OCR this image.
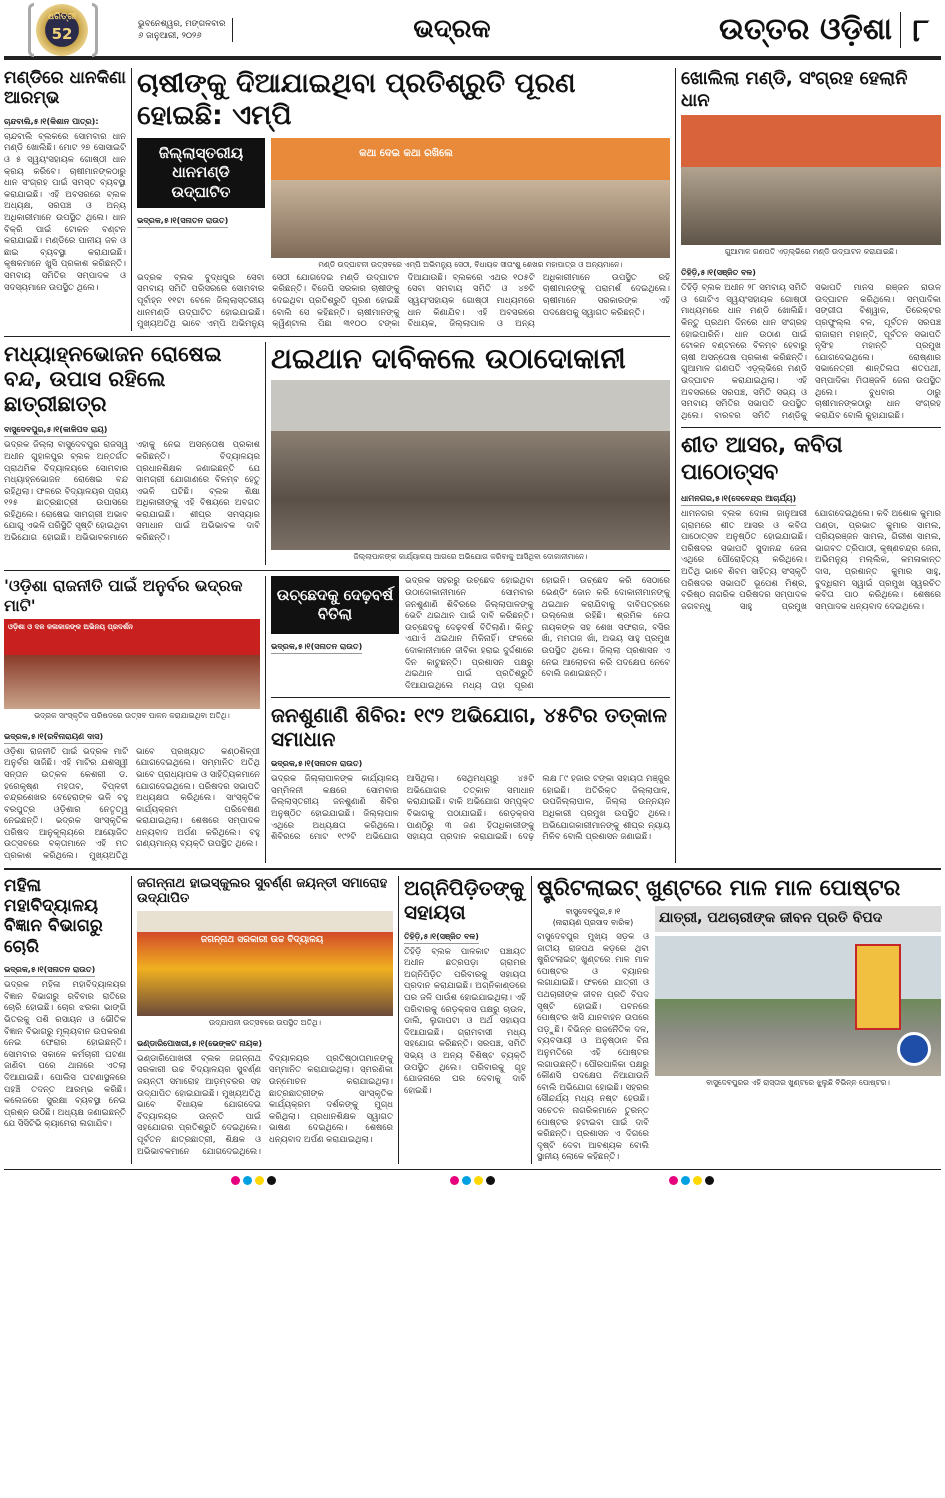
ଧରିତ୍ରୀ
52
ଭୁବନେଶ୍ୱର, ମଙ୍ଗଳବାର
୬ ଜାନୁଆରୀ, ୨୦୨୬	ଭଦ୍ରକ	ଉତ୍ତର ଓଡ଼ିଶା ୮
ମଣ୍ଡିରେ ଧାନକିଣା ଆରମ୍ଭ
ଚାନ୍ଦବାଲି,୫।୧(କିଶାନ ପାତ୍ର):
ଚାନ୍ଦବାଲି ବ୍ଲକରେ ସୋମବାର ଧାନ ମଣ୍ଡି ଖୋଲିଛି। ମୋଟ ୨୭ ସୋସାଇଟି ଓ ୫ ସ୍ୱୟଂସହାୟକ ଗୋଷ୍ଠୀ ଧାନ କ୍ରୟ କରିବେ। ଚାଷୀମାନଙ୍କଠାରୁ ଧାନ ସଂଗ୍ରହ ପାଇଁ ସମସ୍ତ ବ୍ୟବସ୍ଥା କରାଯାଇଛି। ଏହି ଅବସରରେ ବ୍ଲକ ଅଧ୍ୟକ୍ଷ, ସରପଞ୍ଚ ଓ ଅନ୍ୟ ଅଧିକାରୀମାନେ ଉପସ୍ଥିତ ଥିଲେ। ଧାନ ବିକ୍ରି ପାଇଁ ଟୋକନ ବଣ୍ଟନ କରାଯାଇଛି। ମଣ୍ଡିରେ ପାନୀୟ ଜଳ ଓ ଛାଇ ବ୍ୟବସ୍ଥା କରାଯାଇଛି। କୃଷକମାନେ ଖୁସି ପ୍ରକାଶ କରିଛନ୍ତି। ସମବାୟ ସମିତିର ସମ୍ପାଦକ ଓ ସଦସ୍ୟମାନେ ଉପସ୍ଥିତ ଥିଲେ।
ଚାଷୀଙ୍କୁ ଦିଆଯାଇଥିବା ପ୍ରତିଶ୍ରୁତି ପୂରଣ ହୋଇଛି: ଏମ୍‌ପି
ଜିଲ୍ଲାସ୍ତରୀୟ ଧାନମଣ୍ଡି ଉଦ୍‌ଘାଟିତ
ଭଦ୍ରକ,୫।୧(ସନାତନ ରାଉତ)
କଥା ଦେଇ କଥା ରଖିଲେ
ମଣ୍ଡି ଉଦ୍‌ଘାଟନୀ ଉତ୍ସବରେ ଏମ୍‌ପି ଅଭିମନ୍ୟୁ ସେଠୀ, ବିଧାୟକ ସୀତାଂଶୁ ଶେଖର ମହାପାତ୍ର ଓ ଅନ୍ୟମାନେ।
ଭଦ୍ରକ ବ୍ଲକ ବୁଦ୍ଧପୁର ସେବା ସମବାୟ ସମିତି ପରିସରରେ ସୋମବାର ପୂର୍ବାହ୍ନ ୧୧ଟା ବେଳେ ଜିଲ୍ଲାସ୍ତରୀୟ ଧାନମଣ୍ଡି ଉଦ୍‌ଘାଟିତ ହୋଇଯାଇଛି। ମୁଖ୍ୟଅତିଥି ଭାବେ ଏମ୍‌ପି ଅଭିମନ୍ୟୁ ସେଠୀ ଯୋଗଦେଇ ମଣ୍ଡି ଉଦ୍‌ଘାଟନ କରିଛନ୍ତି। ବିଜେପି ସରକାର ଚାଷୀଙ୍କୁ ଦେଇଥିବା ପ୍ରତିଶ୍ରୁତି ପୂରଣ ହୋଇଛି ବୋଲି ସେ କହିଛନ୍ତି। ଚାଷୀମାନଙ୍କୁ କ୍ୱିଣ୍ଟାଲ ପିଛା ୩୧୦୦ ଟଙ୍କା ଦିଆଯାଉଛି। ବ୍ଲକରେ ଏଥର ୧୦୫ଟି ସେବା ସମବାୟ ସମିତି ଓ ୪୭ଟି ସ୍ୱୟଂସହାୟକ ଗୋଷ୍ଠୀ ମାଧ୍ୟମରେ ଧାନ କିଣାଯିବ। ଏହି ଅବସରରେ ବିଧାୟକ, ଜିଲ୍ଲାପାଳ ଓ ଅନ୍ୟ ଅଧିକାରୀମାନେ ଉପସ୍ଥିତ ରହି ଚାଷୀମାନଙ୍କୁ ପରାମର୍ଶ ଦେଇଥିଲେ। ଚାଷୀମାନେ ସରକାରଙ୍କ ଏହି ପଦକ୍ଷେପକୁ ସ୍ୱାଗତ କରିଛନ୍ତି।
ମଧ୍ୟାହ୍ନଭୋଜନ ରୋଷେଇ ବନ୍ଦ, ଉପାସ ରହିଲେ ଛାତ୍ରୀଛାତ୍ର
ବାସୁଦେବପୁର,୫।୧(କାଳିପଦ ରାୟ)
ଭଦ୍ରକ ଜିଲ୍ଲା ବାସୁଦେବପୁର ରାଜସ୍ୱ ଅଧୀନ ଗୁହାଳପୁର ବ୍ଲକ ଅନ୍ତର୍ଗତ ପ୍ରାଥମିକ ବିଦ୍ୟାଳୟରେ ସୋମବାର ମଧ୍ୟାହ୍ନଭୋଜନ ରୋଷେଇ ବନ୍ଦ ରହିଥିଲା। ଫଳରେ ବିଦ୍ୟାଳୟର ପ୍ରାୟ ୧୨୫ ଛାତ୍ରଛାତ୍ରୀ ଉପାସରେ ରହିଥିଲେ। ରୋଷେଇ ସାମଗ୍ରୀ ଅଭାବ ଯୋଗୁ ଏଭଳି ପରିସ୍ଥିତି ସୃଷ୍ଟି ହୋଇଥିବା ଅଭିଯୋଗ ହୋଇଛି। ଅଭିଭାବକମାନେ ଏହାକୁ ନେଇ ଅସନ୍ତୋଷ ପ୍ରକାଶ କରିଛନ୍ତି। ବିଦ୍ୟାଳୟର ପ୍ରଧାନଶିକ୍ଷକ ଜଣାଇଛନ୍ତି ଯେ ସାମଗ୍ରୀ ଯୋଗାଣରେ ବିଳମ୍ବ ହେତୁ ଏଭଳି ଘଟିଛି। ବ୍ଲକ ଶିକ୍ଷା ଅଧିକାରୀଙ୍କୁ ଏହି ବିଷୟରେ ଅବଗତ କରାଯାଇଛି। ଶୀଘ୍ର ସମସ୍ୟାର ସମାଧାନ ପାଇଁ ଅଭିଭାବକ ଦାବି କରିଛନ୍ତି।
ଥଇଥାନ ଦାବିକଲେ ଉଠାଦୋକାନୀ
ଜିଲ୍ଲାପାଳଙ୍କ କାର୍ଯ୍ୟାଳୟ ଆଗରେ ଅଭିଯୋଗ କରିବାକୁ ଆସିଥିବା ଦୋକାନୀମାନେ।
'ଓଡ଼ିଶା ରାଜନୀତି ପାଇଁ ଅନୁର୍ବର ଭଦ୍ରକ ମାଟି'
ଓଡ଼ିଶା ଓ ଦଳ କଳାକାରଙ୍କ ଅଭିନୟ ପ୍ରଦର୍ଶନ
ଭଦ୍ରକ ସାଂସ୍କୃତିକ ପରିଷଦରେ ଉତ୍ସବ ପାଳନ କରାଯାଇଥିବା ଅତିଥି।
ଭଦ୍ରକ,୫।୧(ରବିନାରାୟଣ ଦାସ)
ଓଡ଼ିଶା ରାଜନୀତି ପାଇଁ ଭଦ୍ରକ ମାଟି ଅନୁର୍ବର ସାଜିଛି। ଏହି ମାଟିର ଯଶସ୍ୱୀ ସନ୍ତାନ ଉତ୍କଳ କେଶରୀ ଡ. ହରେକୃଷ୍ଣ ମହତାବ, ବିପ୍ଳବୀ ଚନ୍ଦ୍ରଶେଖର ବେହେରାଙ୍କ ଭଳି ବହୁ ବରପୁତ୍ର ଓଡ଼ିଶାର ନେତୃତ୍ୱ ନେଇଛନ୍ତି। ଭଦ୍ରକ ସାଂସ୍କୃତିକ ପରିଷଦ ଆନୁକୂଲ୍ୟରେ ଆୟୋଜିତ ଉତ୍ସବରେ ବକ୍ତାମାନେ ଏହି ମତ ପ୍ରକାଶ କରିଥିଲେ। ମୁଖ୍ୟଅତିଥି ଭାବେ ପ୍ରଖ୍ୟାତ କଣ୍ଠଶିଳ୍ପୀ ଯୋଗଦେଇଥିଲେ। ସମ୍ମାନିତ ଅତିଥି ଭାବେ ପ୍ରାଧ୍ୟାପକ ଓ ସାହିତ୍ୟିକମାନେ ଯୋଗଦେଇଥିଲେ। ପରିଷଦର ସଭାପତି ଅଧ୍ୟକ୍ଷତା କରିଥିଲେ। ସାଂସ୍କୃତିକ କାର୍ଯ୍ୟକ୍ରମ ପରିବେଷଣ କରାଯାଇଥିଲା। ଶେଷରେ ସମ୍ପାଦକ ଧନ୍ୟବାଦ ଅର୍ପଣ କରିଥିଲେ। ବହୁ ଗଣ୍ୟମାନ୍ୟ ବ୍ୟକ୍ତି ଉପସ୍ଥିତ ଥିଲେ।
ଉଚ୍ଛେଦକୁ ଦେଢ଼ବର୍ଷ ବିତିଲା
ଭଦ୍ରକ,୫।୧(ସନାତନ ରାଉତ)
ଭଦ୍ରକ ସହରରୁ ଉଚ୍ଛେଦ ହୋଇଥିବା ଉଠାଦୋକାନୀମାନେ ସୋମବାର ଜନଶୁଣାଣି ଶିବିରରେ ଜିଲ୍ଲାପାଳଙ୍କୁ ଭେଟି ଥଇଥାନ ପାଇଁ ଦାବି କରିଛନ୍ତି। ଉଚ୍ଛେଦକୁ ଦେଢ଼ବର୍ଷ ବିତିଲାଣି। କିନ୍ତୁ ଏଯାଏଁ ଥଇଥାନ ମିଳିନାହିଁ। ଫଳରେ ଦୋକାନୀମାନେ ଜୀବିକା ହରାଇ ଦୁର୍ଦ୍ଦଶାରେ ଦିନ କାଟୁଛନ୍ତି। ପ୍ରଶାସନ ପକ୍ଷରୁ ଥଇଥାନ ପାଇଁ ପ୍ରତିଶ୍ରୁତି ଦିଆଯାଇଥିଲେ ମଧ୍ୟ ତାହା ପୂରଣ ହୋଇନି। ଉଚ୍ଛେଦ କରି ସେଠାରେ ଭେଣ୍ଡିଂ ଜୋନ କରି ଦୋକାନୀମାନଙ୍କୁ ଥଇଥାନ କରାଯିବାକୁ ଦାବିପତ୍ରରେ ଉଲ୍ଲେଖ ରହିଛି। ଶ୍ରମିକ ନେତା ନାୟକଙ୍କ ସହ ଶେଖ ସଫରାଜ, ବସିର ଖାଁ, ମମତାଜ ଖାଁ, ଅଭୟ ସାହୁ ପ୍ରମୁଖ ଉପସ୍ଥିତ ଥିଲେ। ଜିଲ୍ଲା ପ୍ରଶାସନ ଏ ନେଇ ଆଲୋଚନା କରି ପଦକ୍ଷେପ ନେବେ ବୋଲି ଜଣାଇଛନ୍ତି।
ଜନଶୁଣାଣି ଶିବିର: ୧୯୨ ଅଭିଯୋଗ, ୪୫ଟିର ତତ୍କାଳ ସମାଧାନ
ଭଦ୍ରକ,୫।୧(ସନାତନ ରାଉତ)
ଭଦ୍ରକ ଜିଲ୍ଲାପାଳଙ୍କ କାର୍ଯ୍ୟାଳୟ ସମ୍ମିଳନୀ କକ୍ଷରେ ସୋମବାର ଜିଲ୍ଲାସ୍ତରୀୟ ଜନଶୁଣାଣି ଶିବିର ଅନୁଷ୍ଠିତ ହୋଇଯାଇଛି। ଜିଲ୍ଲାପାଳ ଏଥିରେ ଅଧ୍ୟକ୍ଷତା କରିଥିଲେ। ଶିବିରରେ ମୋଟ ୧୯୨ଟି ଅଭିଯୋଗ ଆସିଥିଲା। ସେଥିମଧ୍ୟରୁ ୪୫ଟି ଅଭିଯୋଗର ତତ୍କାଳ ସମାଧାନ କରାଯାଇଛି। ବାକି ଅଭିଯୋଗ ସମ୍ପୃକ୍ତ ବିଭାଗକୁ ପଠାଯାଇଛି। ରେଡ଼କ୍ରସ ପାଣ୍ଠିରୁ ୩ ଜଣ ହିତାଧିକାରୀଙ୍କୁ ସହାୟତା ପ୍ରଦାନ କରାଯାଇଛି। ଦେଢ଼ ଲକ୍ଷ ୮୯ ହଜାର ଟଙ୍କା ସହାୟତା ମଞ୍ଜୁର ହୋଇଛି। ଅତିରିକ୍ତ ଜିଲ୍ଲାପାଳ, ଉପଜିଲ୍ଲାପାଳ, ଜିଲ୍ଲା ଉନ୍ନୟନ ଅଧିକାରୀ ପ୍ରମୁଖ ଉପସ୍ଥିତ ଥିଲେ। ଅଭିଯୋଗକାରୀମାନଙ୍କୁ ଶୀଘ୍ର ନ୍ୟାୟ ମିଳିବ ବୋଲି ପ୍ରଶାସନ ଜଣାଇଛି।
ଖୋଲିଲା ମଣ୍ଡି, ସଂଗ୍ରହ ହେଲାନି ଧାନ
ଗୁଆମାଳ ଗଣପତି ଏଡ଼୍‌ଲ୍‌ଭିରେ ମଣ୍ଡି ଉଦ୍‌ଘାଟନ କରାଯାଇଛି।
ତିହିଡ଼ି,୫।୧(ସଞ୍ଜିତ ବଳ)
ତିହିଡ଼ି ବ୍ଲକ ଅଧୀନ ୨୮ ସମବାୟ ସମିତି ଓ ଗୋଟିଏ ସ୍ୱୟଂସହାୟକ ଗୋଷ୍ଠୀ ମାଧ୍ୟମରେ ଧାନ ମଣ୍ଡି ଖୋଲିଛି। କିନ୍ତୁ ପ୍ରଥମ ଦିନରେ ଧାନ ସଂଗ୍ରହ ହୋଇପାରିନି। ଧାନ ଉଠାଣ ପାଇଁ ଟୋକନ ବଣ୍ଟନରେ ବିଳମ୍ବ ହେବାରୁ ଚାଷୀ ଅସନ୍ତୋଷ ପ୍ରକାଶ କରିଛନ୍ତି। ଗୁଆମାଳ ଗଣପତି ଏଡ଼୍‌ଲ୍‌ଭିରେ ମଣ୍ଡି ଉଦ୍‌ଘାଟନ କରାଯାଇଥିଲା। ଏହି ଅବସରରେ ସରପଞ୍ଚ, ସମିତି ସଭ୍ୟ ଓ ସମବାୟ ସମିତିର ସଭାପତି ଉପସ୍ଥିତ ଥିଲେ। ବାରବର ସମିତି ମଣ୍ଡିକୁ ସଭାପତି ମାନସ ରଞ୍ଜନ ରାଉଳ ଉଦ୍‌ଘାଟନ କରିଥିଲେ। ସମ୍ପାଦିକା ସଙ୍ଗୀତା ବିଶ୍ୱାଳ, ଡିରେକ୍ଟର ପ୍ରଫୁଲ୍ଲ ବଳ, ପୂର୍ବତନ ସରପଞ୍ଚ ରାଜାରାମ ମହାନ୍ତି, ପୂର୍ବତନ ସଭାପତି ନୃସିଂହ ମହାନ୍ତି ପ୍ରମୁଖ ଯୋଗଦେଇଥିଲେ। ରୋଷ୍ଣାର ସଭାନେତ୍ରୀ ଶାନ୍ତିଲତା ଶତପଥୀ, ସମ୍ପାଦିକା ମିତାଞ୍ଜଳି ଜେନା ଉପସ୍ଥିତ ଥିଲେ। ବୁଧବାର ଠାରୁ ଚାଷୀମାନଙ୍କଠାରୁ ଧାନ ସଂଗ୍ରହ କରାଯିବ ବୋଲି କୁହାଯାଇଛି।
ଶୀତ ଆସର, କବିତା ପାଠୋତ୍ସବ
ଧାମନଗର,୫।୧(ଦେବେନ୍ଦ୍ର ଆଚାର୍ଯ୍ୟ)
ଧାମନଗର ବ୍ଲକ ଦୋଳା ଜାନୁଆରୀ ଗ୍ରାମରେ ଶୀତ ଆସର ଓ କବିତା ପାଠୋତ୍ସବ ଅନୁଷ୍ଠିତ ହୋଇଯାଇଛି। ପରିଷଦର ସଭାପତି ସୁଦାନନ୍ଦ ଜେନା ଏଥିରେ ପୌରୋହିତ୍ୟ କରିଥିଲେ। ଅତିଥି ଭାବେ ଶିବମ ସାହିତ୍ୟ ସଂସ୍କୃତି ପରିଷଦର ସଭାପତି ଭୂପେଶ ମିଶ୍ର, ବରିଷ୍ଠ ନାଗରିକ ପରିଷଦର ସମ୍ପାଦକ ଜଗବନ୍ଧୁ ସାହୁ ପ୍ରମୁଖ ଯୋଗଦେଇଥିଲେ। କବି ଅଶୋକ କୁମାର ପଣ୍ଡା, ପ୍ରଭାତ କୁମାର ସାମଲ, ପ୍ରିୟରଞ୍ଜନ ସାମଲ, ଗିରୀଶ ସାମଲ, ଭାଗବତ ତ୍ରିପାଠୀ, କୃଷ୍ଣଚନ୍ଦ୍ର ଜେନା, ଅଭିମନ୍ୟୁ ମଲ୍ଲିକ, କମଳାକାନ୍ତ ଦାସ, ପ୍ରଶାନ୍ତ କୁମାର ସାହୁ, ବୁଦ୍ଧିରାମ ସ୍ୱାଇଁ ପ୍ରମୁଖ ସ୍ୱରଚିତ କବିତା ପାଠ କରିଥିଲେ। ଶେଷରେ ସମ୍ପାଦକ ଧନ୍ୟବାଦ ଦେଇଥିଲେ।
ମହିଳା ମହାବିଦ୍ୟାଳୟ ବିଜ୍ଞାନ ବିଭାଗରୁ ଚୋରି
ଭଦ୍ରକ,୫।୧(ସନାତନ ରାଉତ)
ଭଦ୍ରକ ମହିଳା ମହାବିଦ୍ୟାଳୟର ବିଜ୍ଞାନ ବିଭାଗରୁ ରବିବାର ରାତିରେ ଚୋରି ହୋଇଛି। ଚୋର ଝରକା ଭାଙ୍ଗି ଭିତରକୁ ପଶି ରସାୟନ ଓ ଭୌତିକ ବିଜ୍ଞାନ ବିଭାଗରୁ ମୂଲ୍ୟବାନ ଉପକରଣ ନେଇ ଫେରାର ହୋଇଛନ୍ତି। ସୋମବାର ସକାଳେ କର୍ମଚାରୀ ଘଟଣା ଜାଣିବା ପରେ ଥାନାରେ ଏତଲା ଦିଆଯାଇଛି। ପୋଲିସ ଘଟଣାସ୍ଥଳରେ ପହଞ୍ଚି ତଦନ୍ତ ଆରମ୍ଭ କରିଛି। କଲେଜରେ ସୁରକ୍ଷା ବ୍ୟବସ୍ଥା ନେଇ ପ୍ରଶ୍ନ ଉଠିଛି। ଅଧ୍ୟକ୍ଷ ଜଣାଇଛନ୍ତି ଯେ ସିସିଟିଭି କ୍ୟାମେରା ଲଗାଯିବ।
ଜଗନ୍ନାଥ ହାଇସ୍କୁଲର ସୁବର୍ଣ୍ଣ ଜୟନ୍ତୀ ସମାରୋହ ଉଦ୍‌ଯାପିତ
ଜଗନ୍ନାଥ ସରକାରୀ ଉଚ୍ଚ ବିଦ୍ୟାଳୟ
ଉଦ୍‌ଯାପନୀ ଉତ୍ସବରେ ଉପସ୍ଥିତ ଅତିଥି।
ଭଣ୍ଡାରିପୋଖରୀ,୫।୧(ଭେଙ୍କଟ ନାୟକ)
ଭଣ୍ଡାରିପୋଖରୀ ବ୍ଲକ ଜଗନ୍ନାଥ ସରକାରୀ ଉଚ୍ଚ ବିଦ୍ୟାଳୟର ସୁବର୍ଣ୍ଣ ଜୟନ୍ତୀ ସମାରୋହ ଆଡ଼ମ୍ବରର ସହ ଉଦ୍‌ଯାପିତ ହୋଇଯାଇଛି। ମୁଖ୍ୟଅତିଥି ଭାବେ ବିଧାୟକ ଯୋଗଦେଇ ବିଦ୍ୟାଳୟର ଉନ୍ନତି ପାଇଁ ସହଯୋଗର ପ୍ରତିଶ୍ରୁତି ଦେଇଥିଲେ। ପୂର୍ବତନ ଛାତ୍ରଛାତ୍ରୀ, ଶିକ୍ଷକ ଓ ଅଭିଭାବକମାନେ ଯୋଗଦେଇଥିଲେ। ବିଦ୍ୟାଳୟର ପ୍ରତିଷ୍ଠାତାମାନଙ୍କୁ ସମ୍ମାନିତ କରାଯାଇଥିଲା। ସ୍ମରଣିକା ଉନ୍ମୋଚନ କରାଯାଇଥିଲା। ଛାତ୍ରଛାତ୍ରୀଙ୍କ ସାଂସ୍କୃତିକ କାର୍ଯ୍ୟକ୍ରମ ଦର୍ଶକଙ୍କୁ ମୁଗ୍ଧ କରିଥିଲା। ପ୍ରଧାନଶିକ୍ଷକ ସ୍ୱାଗତ ଭାଷଣ ଦେଇଥିଲେ। ଶେଷରେ ଧନ୍ୟବାଦ ଅର୍ପଣ କରାଯାଇଥିଲା।
ଅଗ୍ନିପିଡ଼ିତଙ୍କୁ ସହାୟତା
ତିହିଡ଼ି,୫।୧(ସଞ୍ଜିତ ବଳ)
ତିହିଡ଼ି ବ୍ଲକ ପାଳକାଟ ପଞ୍ଚାୟତ ଅଧୀନ ଛତ୍ରପଡ଼ା ଗ୍ରାମର ଅଗ୍ନିପିଡ଼ିତ ପରିବାରକୁ ସହାୟତା ପ୍ରଦାନ କରାଯାଇଛି। ଅଗ୍ନିକାଣ୍ଡରେ ଘର ଜଳି ପାଉଁଶ ହୋଇଯାଇଥିଲା। ଏହି ପରିବାରକୁ ରେଡ଼କ୍ରସ ପକ୍ଷରୁ ଚାଉଳ, ଡାଲି, ଲୁଗାପଟା ଓ ଅର୍ଥ ସହାୟତା ଦିଆଯାଇଛି। ଗ୍ରାମବାସୀ ମଧ୍ୟ ସହଯୋଗ କରିଛନ୍ତି। ସରପଞ୍ଚ, ସମିତି ସଭ୍ୟ ଓ ଅନ୍ୟ ବିଶିଷ୍ଟ ବ୍ୟକ୍ତି ଉପସ୍ଥିତ ଥିଲେ। ପରିବାରକୁ ଗୃହ ଯୋଜନାରେ ଘର ଦେବାକୁ ଦାବି ହୋଇଛି।
ଷ୍ଟ୍ରିଟଲାଇଟ୍ ଖୁଣ୍ଟରେ ମାଳ ମାଳ ପୋଷ୍ଟର
ବାସୁଦେବପୁର,୫।୧
(ନାରାୟଣ ପ୍ରସାଦ ବାରିକ)
ବାସୁଦେବପୁର ମୁଖ୍ୟ ସଡ଼କ ଓ ଜାତୀୟ ରାଜପଥ କଡ଼ରେ ଥିବା ଷ୍ଟ୍ରିଟଲାଇଟ୍ ଖୁଣ୍ଟରେ ମାଳ ମାଳ ପୋଷ୍ଟର ଓ ବ୍ୟାନର ଲଗାଯାଇଛି। ଫଳରେ ଯାତ୍ରୀ ଓ ପଥଚାରୀଙ୍କ ଜୀବନ ପ୍ରତି ବିପଦ ସୃଷ୍ଟି ହୋଇଛି। ପବନରେ ପୋଷ୍ଟର ଖସି ଯାନବାହନ ଉପରେ ପଡ଼ୁଛି। ବିଭିନ୍ନ ରାଜନୈତିକ ଦଳ, ବ୍ୟବସାୟୀ ଓ ଅନୁଷ୍ଠାନ ବିନା ଅନୁମତିରେ ଏହି ପୋଷ୍ଟର ଲଗାଉଛନ୍ତି। ପୌରପାଳିକା ପକ୍ଷରୁ କୌଣସି ପଦକ୍ଷେପ ନିଆଯାଉନି ବୋଲି ଅଭିଯୋଗ ହୋଇଛି। ସହରର ସୌନ୍ଦର୍ଯ୍ୟ ମଧ୍ୟ ନଷ୍ଟ ହେଉଛି। ସଚେତନ ନାଗରିକମାନେ ତୁରନ୍ତ ପୋଷ୍ଟର ହଟାଇବା ପାଇଁ ଦାବି କରିଛନ୍ତି। ପ୍ରଶାସନ ଏ ଦିଗରେ ଦୃଷ୍ଟି ଦେବା ଆବଶ୍ୟକ ବୋଲି ସ୍ଥାନୀୟ ଲୋକେ କହିଛନ୍ତି।
ଯାତ୍ରୀ, ପଥଚାରୀଙ୍କ ଜୀବନ ପ୍ରତି ବିପଦ
ବାସୁଦେବପୁରର ଏହି ରାସ୍ତାର ଖୁଣ୍ଟରେ ଝୁଲୁଛି ବିଭିନ୍ନ ପୋଷ୍ଟର।
